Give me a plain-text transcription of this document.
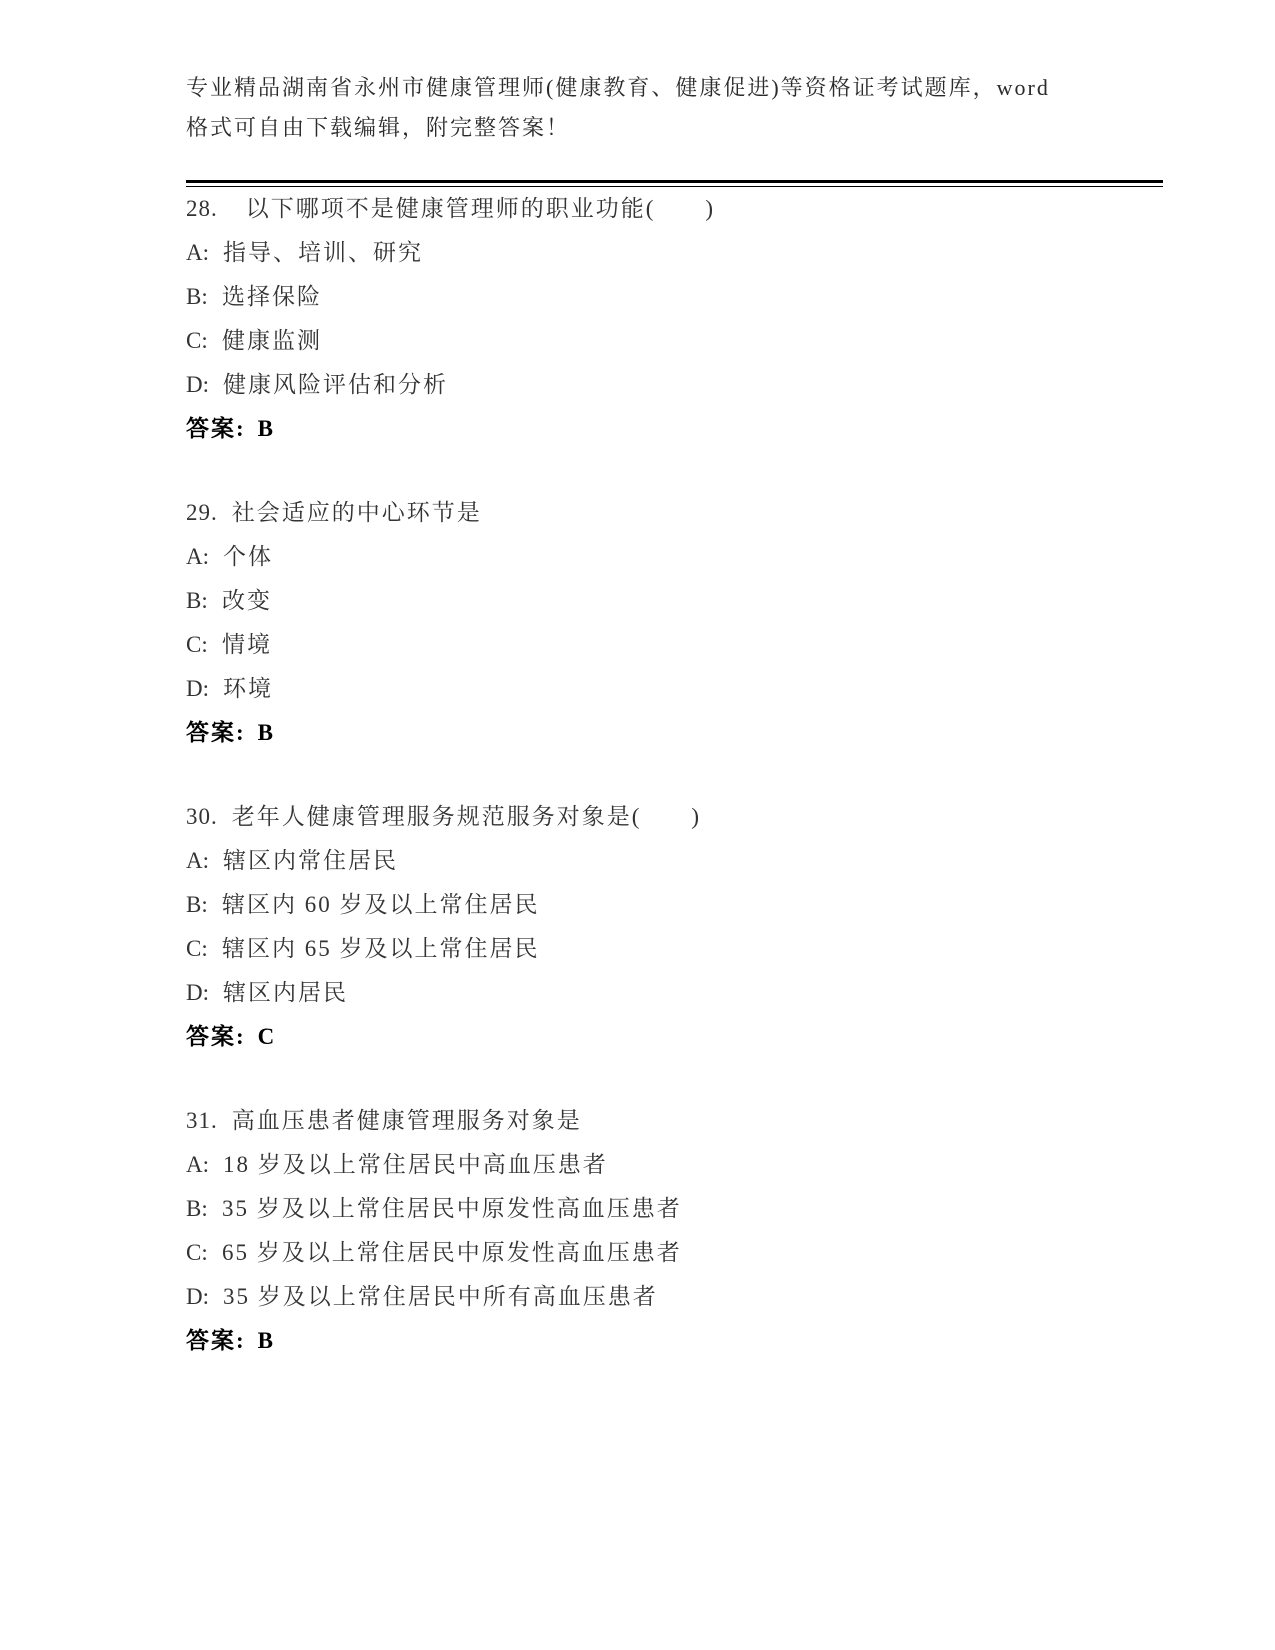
专业精品湖南省永州市健康管理师(健康教育、健康促进)等资格证考试题库，word

格式可自由下载编辑，附完整答案！

28. 以下哪项不是健康管理师的职业功能(　　)

A: 指导、培训、研究

B: 选择保险

C: 健康监测

D: 健康风险评估和分析

答案: B

29. 社会适应的中心环节是

A: 个体

B: 改变

C: 情境

D: 环境

答案: B

30. 老年人健康管理服务规范服务对象是(　　)

A: 辖区内常住居民

B: 辖区内 60 岁及以上常住居民

C: 辖区内 65 岁及以上常住居民

D: 辖区内居民

答案: C

31. 高血压患者健康管理服务对象是

A: 18 岁及以上常住居民中高血压患者

B: 35 岁及以上常住居民中原发性高血压患者

C: 65 岁及以上常住居民中原发性高血压患者

D: 35 岁及以上常住居民中所有高血压患者

答案: B
